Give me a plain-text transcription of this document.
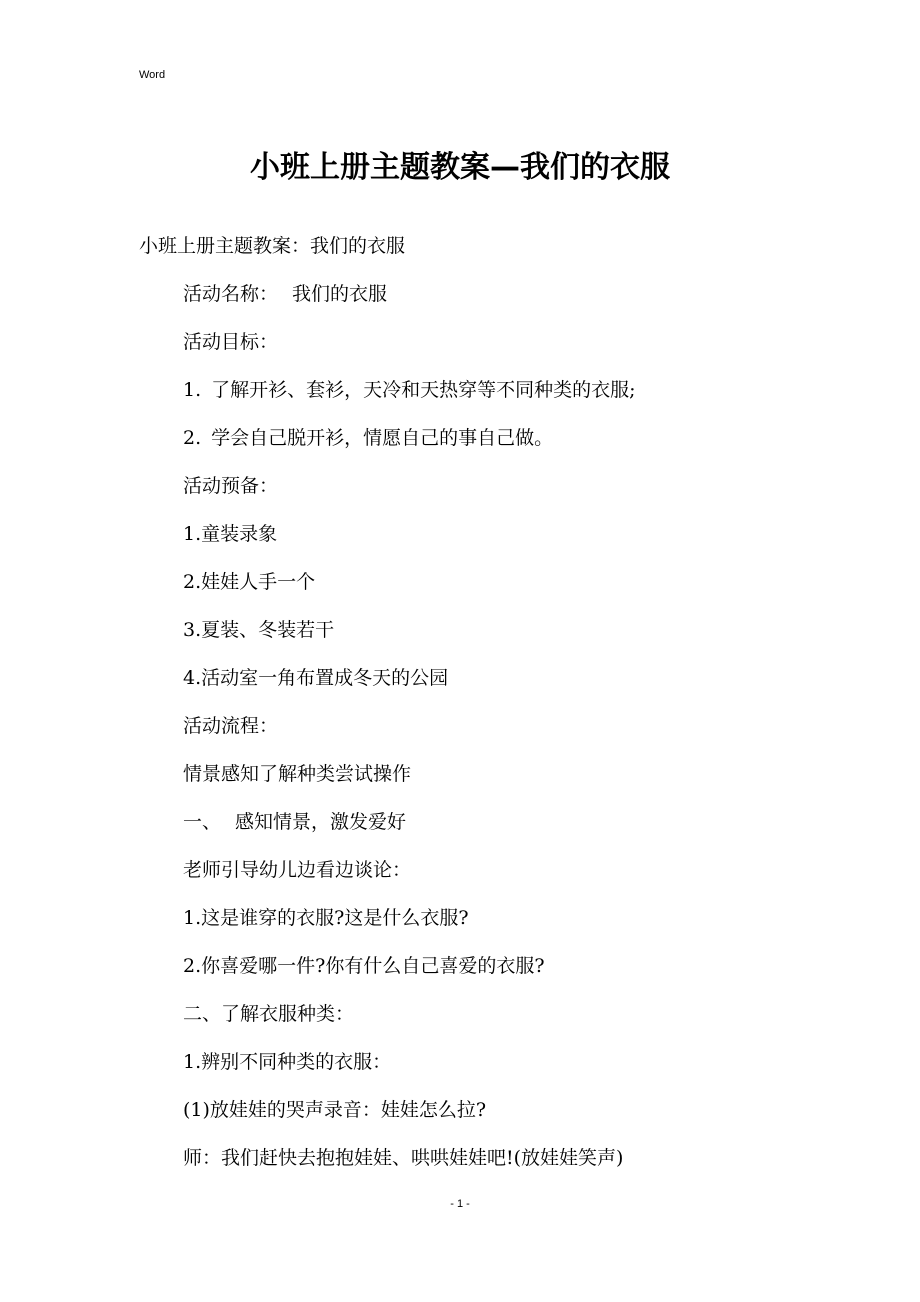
Word
小班上册主题教案—我们的衣服

小班上册主题教案：我们的衣服

活动名称： 我们的衣服

活动目标：

1. 了解开衫、套衫，天冷和天热穿等不同种类的衣服;

2. 学会自己脱开衫，情愿自己的事自己做。

活动预备：

1.童装录象

2.娃娃人手一个

3.夏装、冬装若干

4.活动室一角布置成冬天的公园

活动流程：

情景感知了解种类尝试操作

一、 感知情景，激发爱好

老师引导幼儿边看边谈论：

1.这是谁穿的衣服?这是什么衣服?

2.你喜爱哪一件?你有什么自己喜爱的衣服?

二、了解衣服种类：

1.辨别不同种类的衣服：

(1)放娃娃的哭声录音：娃娃怎么拉?

师：我们赶快去抱抱娃娃、哄哄娃娃吧!(放娃娃笑声)

- 1 -
